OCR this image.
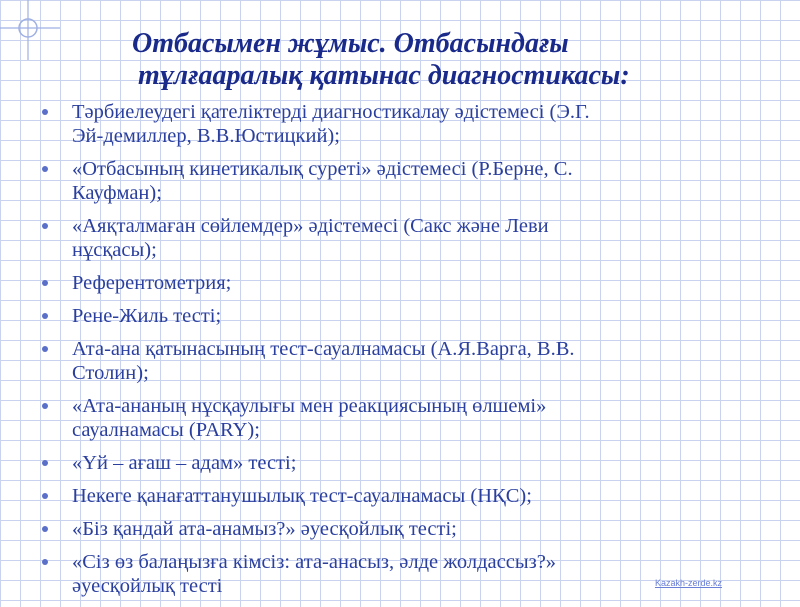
Отбасымен жұмыс. Отбасындағы
тұлғааралық қатынас диагностикасы:
Тәрбиелеудегі қателіктерді диагностикалау әдістемесі (Э.Г.
Эй-демиллер, В.В.Юстицкий);
«Отбасының кинетикалық суреті» әдістемесі (Р.Берне, С.
Кауфман);
«Аяқталмаған сөйлемдер» әдістемесі (Сакс және Леви
нұсқасы);
Референтометрия;
Рене-Жиль тесті;
Ата-ана қатынасының тест-сауалнамасы (А.Я.Варга, В.В.
Столин);
«Ата-ананың нұсқаулығы мен реакциясының өлшемі»
сауалнамасы (PARY);
«Үй – ағаш – адам» тесті;
Некеге қанағаттанушылық тест-сауалнамасы (НҚС);
«Біз қандай ата-анамыз?» әуесқойлық тесті;
«Сіз өз балаңызға кімсіз: ата-анасыз, әлде жолдассыз?»
әуесқойлық тесті	Kazakh-zerde.kz
